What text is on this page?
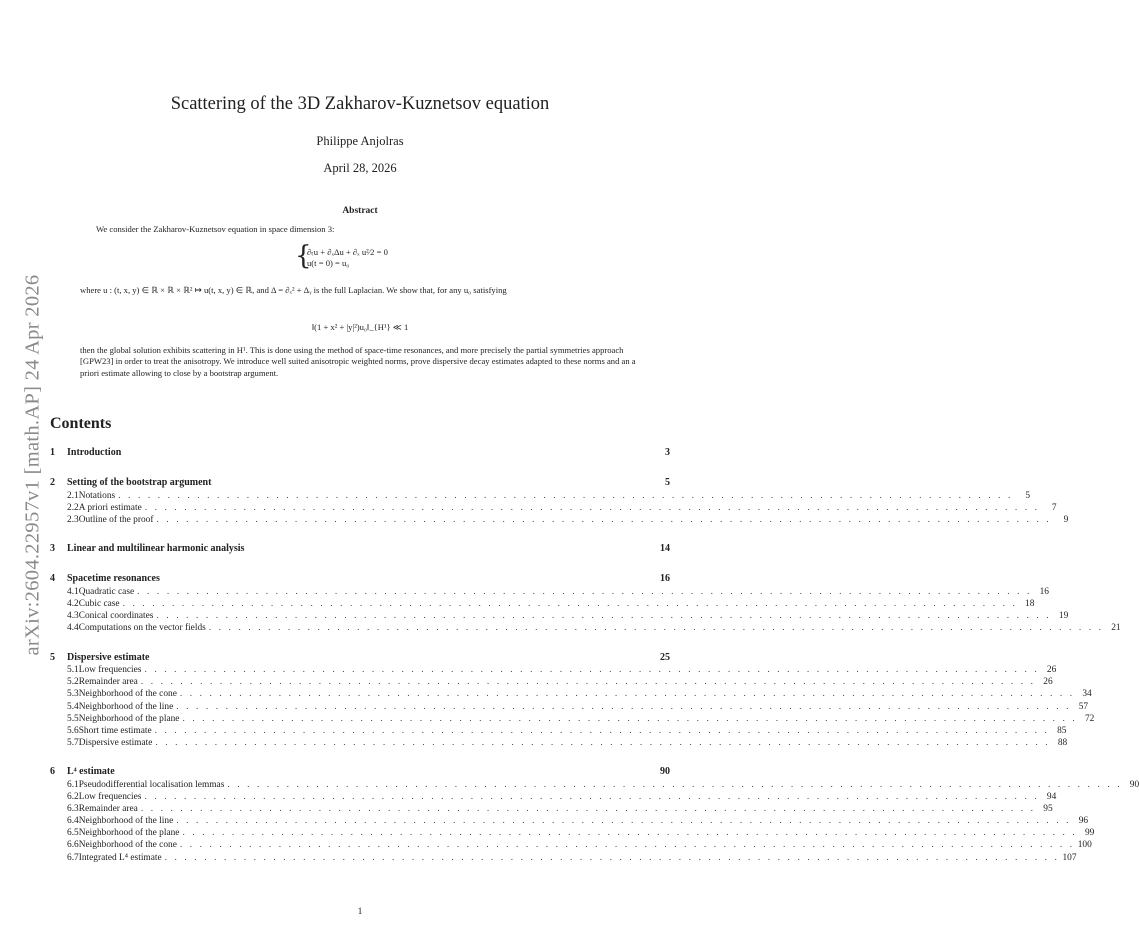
arXiv:2604.22957v1 [math.AP] 24 Apr 2026
Scattering of the 3D Zakharov-Kuznetsov equation
Philippe Anjolras
April 28, 2026
Abstract
We consider the Zakharov-Kuznetsov equation in space dimension 3:
{
∂ₜu + ∂ₓΔu + ∂ₓ u²⁄2 = 0
u(t = 0) = u₀
where u : (t, x, y) ∈ ℝ × ℝ × ℝ² ↦ u(t, x, y) ∈ ℝ, and Δ = ∂ₓ² + Δᵧ is the full Laplacian. We show that, for any u₀ satisfying
‖(1 + x² + |y|²)u₀‖_{H¹} ≪ 1
then the global solution exhibits scattering in H¹. This is done using the method of space-time resonances, and more precisely the partial symmetries approach [GPW23] in order to treat the anisotropy. We introduce well suited anisotropic weighted norms, prove dispersive decay estimates adapted to these norms and an a priori estimate allowing to close by a bootstrap argument.
Contents
1	Introduction	3
2	Setting of the bootstrap argument	5
2.1 Notations . . . . . . . . . . . . . . . . . . . . . . . . . . . . . . . . . . . . . . . . . . . . . . . . . . . . . . . . . . . . . . . . . . . . . . . . . . . . . . . . . . . . . . . . . . .	5
2.2 A priori estimate . . . . . . . . . . . . . . . . . . . . . . . . . . . . . . . . . . . . . . . . . . . . . . . . . . . . . . . . . . . . . . . . . . . . . . . . . . . . . . . . . . . . . . . . . . .	7
2.3 Outline of the proof . . . . . . . . . . . . . . . . . . . . . . . . . . . . . . . . . . . . . . . . . . . . . . . . . . . . . . . . . . . . . . . . . . . . . . . . . . . . . . . . . . . . . . . . . . .	9
3	Linear and multilinear harmonic analysis	14
4	Spacetime resonances	16
4.1 Quadratic case . . . . . . . . . . . . . . . . . . . . . . . . . . . . . . . . . . . . . . . . . . . . . . . . . . . . . . . . . . . . . . . . . . . . . . . . . . . . . . . . . . . . . . . . . . . 16
4.2 Cubic case . . . . . . . . . . . . . . . . . . . . . . . . . . . . . . . . . . . . . . . . . . . . . . . . . . . . . . . . . . . . . . . . . . . . . . . . . . . . . . . . . . . . . . . . . . . 18
4.3 Conical coordinates . . . . . . . . . . . . . . . . . . . . . . . . . . . . . . . . . . . . . . . . . . . . . . . . . . . . . . . . . . . . . . . . . . . . . . . . . . . . . . . . . . . . . . . . . . . 19
4.4 Computations on the vector fields . . . . . . . . . . . . . . . . . . . . . . . . . . . . . . . . . . . . . . . . . . . . . . . . . . . . . . . . . . . . . . . . . . . . . . . . . . . . . . . . . . . . . . . . . . . 21
5	Dispersive estimate	25
5.1 Low frequencies . . . . . . . . . . . . . . . . . . . . . . . . . . . . . . . . . . . . . . . . . . . . . . . . . . . . . . . . . . . . . . . . . . . . . . . . . . . . . . . . . . . . . . . . . . . 26
5.2 Remainder area . . . . . . . . . . . . . . . . . . . . . . . . . . . . . . . . . . . . . . . . . . . . . . . . . . . . . . . . . . . . . . . . . . . . . . . . . . . . . . . . . . . . . . . . . . . 26
5.3 Neighborhood of the cone . . . . . . . . . . . . . . . . . . . . . . . . . . . . . . . . . . . . . . . . . . . . . . . . . . . . . . . . . . . . . . . . . . . . . . . . . . . . . . . . . . . . . . . . . . . 34
5.4 Neighborhood of the line . . . . . . . . . . . . . . . . . . . . . . . . . . . . . . . . . . . . . . . . . . . . . . . . . . . . . . . . . . . . . . . . . . . . . . . . . . . . . . . . . . . . . . . . . . . 57
5.5 Neighborhood of the plane . . . . . . . . . . . . . . . . . . . . . . . . . . . . . . . . . . . . . . . . . . . . . . . . . . . . . . . . . . . . . . . . . . . . . . . . . . . . . . . . . . . . . . . . . . . 72
5.6 Short time estimate . . . . . . . . . . . . . . . . . . . . . . . . . . . . . . . . . . . . . . . . . . . . . . . . . . . . . . . . . . . . . . . . . . . . . . . . . . . . . . . . . . . . . . . . . . . 85
5.7 Dispersive estimate . . . . . . . . . . . . . . . . . . . . . . . . . . . . . . . . . . . . . . . . . . . . . . . . . . . . . . . . . . . . . . . . . . . . . . . . . . . . . . . . . . . . . . . . . . . 88
6	L⁴ estimate	90
6.1 Pseudodifferential localisation lemmas . . . . . . . . . . . . . . . . . . . . . . . . . . . . . . . . . . . . . . . . . . . . . . . . . . . . . . . . . . . . . . . . . . . . . . . . . . . . . . . . . . . . . . . . . . . 90
6.2 Low frequencies . . . . . . . . . . . . . . . . . . . . . . . . . . . . . . . . . . . . . . . . . . . . . . . . . . . . . . . . . . . . . . . . . . . . . . . . . . . . . . . . . . . . . . . . . . . 94
6.3 Remainder area . . . . . . . . . . . . . . . . . . . . . . . . . . . . . . . . . . . . . . . . . . . . . . . . . . . . . . . . . . . . . . . . . . . . . . . . . . . . . . . . . . . . . . . . . . . 95
6.4 Neighborhood of the line . . . . . . . . . . . . . . . . . . . . . . . . . . . . . . . . . . . . . . . . . . . . . . . . . . . . . . . . . . . . . . . . . . . . . . . . . . . . . . . . . . . . . . . . . . . 96
6.5 Neighborhood of the plane . . . . . . . . . . . . . . . . . . . . . . . . . . . . . . . . . . . . . . . . . . . . . . . . . . . . . . . . . . . . . . . . . . . . . . . . . . . . . . . . . . . . . . . . . . . 99
6.6 Neighborhood of the cone . . . . . . . . . . . . . . . . . . . . . . . . . . . . . . . . . . . . . . . . . . . . . . . . . . . . . . . . . . . . . . . . . . . . . . . . . . . . . . . . . . . . . . . . . . . 100
6.7 Integrated L⁴ estimate . . . . . . . . . . . . . . . . . . . . . . . . . . . . . . . . . . . . . . . . . . . . . . . . . . . . . . . . . . . . . . . . . . . . . . . . . . . . . . . . . . . . . . . . . . . 107
1
